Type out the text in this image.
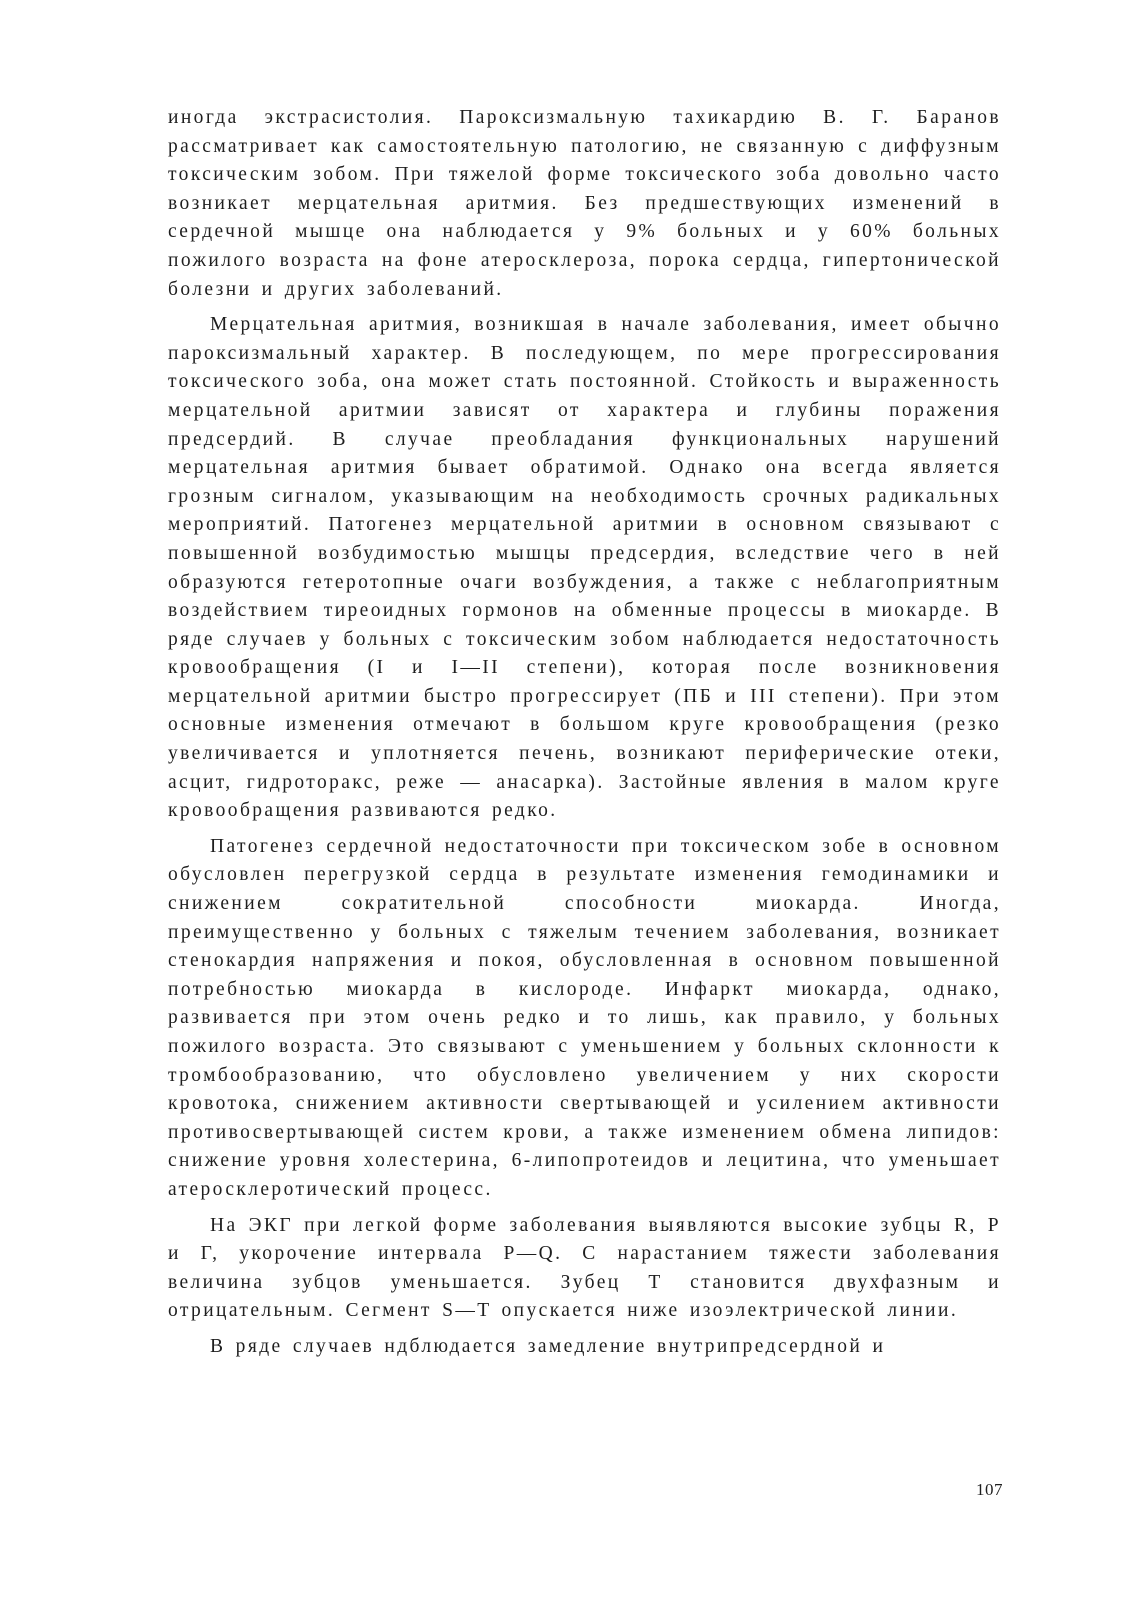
иногда экстрасистолия. Пароксизмальную тахикардию В. Г. Баранов рассматривает как самостоятельную патологию, не связанную с диффузным токсическим зобом. При тяжелой форме токсического зоба довольно часто возникает мерцательная аритмия. Без предшествующих изменений в сердечной мышце она наблюдается у 9% больных и у 60% больных пожилого возраста на фоне атеросклероза, порока сердца, гипертонической болезни и других заболеваний.

Мерцательная аритмия, возникшая в начале заболевания, имеет обычно пароксизмальный характер. В последующем, по мере прогрессирования токсического зоба, она может стать постоянной. Стойкость и выраженность мерцательной аритмии зависят от характера и глубины поражения предсердий. В случае преобладания функциональных нарушений мерцательная аритмия бывает обратимой. Однако она всегда является грозным сигналом, указывающим на необходимость срочных радикальных мероприятий. Патогенез мерцательной аритмии в основном связывают с повышенной возбудимостью мышцы предсердия, вследствие чего в ней образуются гетеротопные очаги возбуждения, а также с неблагоприятным воздействием тиреоидных гормонов на обменные процессы в миокарде. В ряде случаев у больных с токсическим зобом наблюдается недостаточность кровообращения (I и I—II степени), которая после возникновения мерцательной аритмии быстро прогрессирует (ПБ и III степени). При этом основные изменения отмечают в большом круге кровообращения (резко увеличивается и уплотняется печень, возникают периферические отеки, асцит, гидроторакс, реже — анасарка). Застойные явления в малом круге кровообращения развиваются редко.

Патогенез сердечной недостаточности при токсическом зобе в основном обусловлен перегрузкой сердца в результате изменения гемодинамики и снижением сократительной способности миокарда. Иногда, преимущественно у больных с тяжелым течением заболевания, возникает стенокардия напряжения и покоя, обусловленная в основном повышенной потребностью миокарда в кислороде. Инфаркт миокарда, однако, развивается при этом очень редко и то лишь, как правило, у больных пожилого возраста. Это связывают с уменьшением у больных склонности к тромбообразованию, что обусловлено увеличением у них скорости кровотока, снижением активности свертывающей и усилением активности противосвертывающей систем крови, а также изменением обмена липидов: снижение уровня холестерина, 6-липопротеидов и лецитина, что уменьшает атеросклеротический процесс.

На ЭКГ при легкой форме заболевания выявляются высокие зубцы R, P и Г, укорочение интервала P—Q. С нарастанием тяжести заболевания величина зубцов уменьшается. Зубец T становится двухфазным и отрицательным. Сегмент S—T опускается ниже изоэлектрической линии.

В ряде случаев ндблюдается замедление внутрипредсердной и

107
